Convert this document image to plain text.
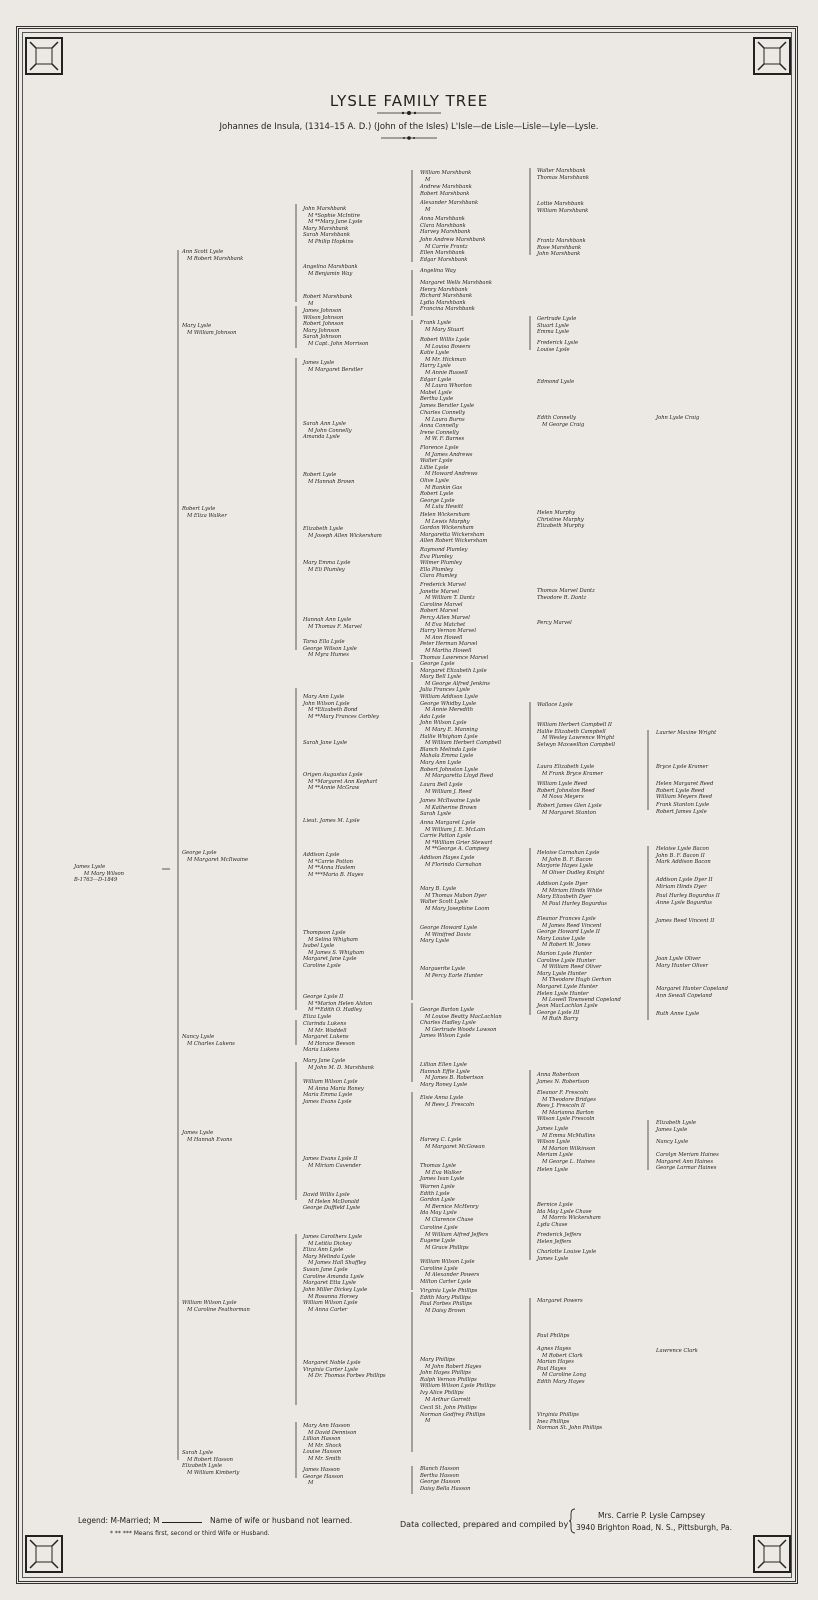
LYSLE FAMILY TREE
Johannes de Insula, (1314–15 A. D.) (John of the Isles) L'Isle—de Lisle—Lisle—Lyle—Lysle.
James Lysle
M Mary Wilson
B-1763—D-1849
Ann Scott Lysle
M Robert Marshbank
Mary Lysle
M William Johnson
Robert Lysle
M Eliza Walker
George Lysle
M Margaret McIlwaine
Nancy Lysle
M Charles Lukens
James Lysle
M Hannah Evans
William Wilson Lysle
M Caroline Feathorman
Sarah Lysle
M Robert Hasson
Elizabeth Lysle
M William Kimberly
John Marshbank
M *Sophie McIntire
M **Mary Jane Lysle
Mary Marshbank
Sarah Marshbank
M Philip Hopkins
Angelina Marshbank
M Benjamin Way
Robert Marshbank
M
James Johnson
Wilson Johnson
Robert Johnson
Mary Johnson
Sarah Johnson
M Capt. John Morrison
James Lysle
M Margaret Berstler
Sarah Ann Lysle
M John Connelly
Amanda Lysle
Robert Lysle
M Hannah Brown
Elizabeth Lysle
M Joseph Allen Wickersham
Mary Emma Lysle
M Eli Plumley
Hannah Ann Lysle
M Thomas F. Marvel
Tarsa Ella Lysle
George Wilson Lysle
M Myra Humes
Mary Ann Lysle
John Wilson Lysle
M *Elizabeth Bond
M **Mary Frances Corbley
Sarah Jane Lysle
Origen Augustus Lysle
M *Margaret Ann Kephart
M **Annie McGraw
Lieut. James M. Lysle
Addison Lysle
M *Carrie Potton
M **Anna Haslem
M ***Maria B. Hayes
Thompson Lysle
M Selina Whigham
Isabel Lysle
M James S. Whigham
Margaret Jane Lysle
Caroline Lysle
George Lysle II
M *Marion Helen Alston
M **Edith O. Hadley
Eliza Lysle
Clarinda Lukens
M Mr. Woddell
Margaret Lukens
M Horace Beeson
Maria Lukens
Mary Jane Lysle
M John M. D. Marshbank
William Wilson Lysle
M Anna Maria Roney
Maria Emma Lysle
James Evans Lysle
James Evans Lysle II
M Miriam Cavender
David Willis Lysle
M Helen McDonald
George Duffield Lysle
James Carothers Lysle
M Letitia Dickey
Eliza Ann Lysle
Mary Melinda Lysle
M James Hall Shaffley
Susan Jane Lysle
Caroline Amanda Lysle
Margaret Etta Lysle
John Miller Dickey Lysle
M Rosanna Horsey
William Wilson Lysle
M Anna Carter
Margaret Noble Lysle
Virginia Carter Lysle
M Dr. Thomas Forbes Phillips
Mary Ann Hasson
M David Dennison
Lillian Hasson
M Mr. Shock
Louise Hasson
M Mr. Smith
James Hasson
George Hasson
M
William Marshbank
M
Andrew Marshbank
Robert Marshbank
Alexander Marshbank
M
Anna Marshbank
Clara Marshbank
Harvey Marshbank
John Andrew Marshbank
M Carrie Frantz
Ellen Marshbank
Edgar Marshbank
Angelina Way
Margaret Wells Marshbank
Henry Marshbank
Richard Marshbank
Lydia Marshbank
Francina Marshbank
Frank Lysle
M Mary Stuart
Robert Willis Lysle
M Louisa Bowers
Katie Lysle
M Mr. Hickman
Harry Lysle
M Annie Russell
Edgar Lysle
M Laura Whorton
Mabel Lysle
Bertha Lysle
James Berstler Lysle
Charles Connelly
M Laura Burns
Anna Connelly
Irene Connelly
M W. F. Barnes
Florence Lysle
M James Andrews
Walter Lysle
Lillie Lysle
M Howard Andrews
Olive Lysle
M Rankin Gas
Robert Lysle
George Lysle
M Lulu Hewitt
Helen Wickersham
M Lewis Murphy
Gordon Wickersham
Margaretta Wickersham
Allen Robert Wickersham
Raymond Plumley
Eva Plumley
Wilmer Plumley
Ella Plumley
Clara Plumley
Frederick Marvel
Janette Marvel
M William T. Dantz
Caroline Marvel
Robert Marvel
Percy Allen Marvel
M Eva Matchet
Harry Vernon Marvel
M Ann Howell
Peter Herman Marvel
M Martha Howell
Thomas Lawrence Marvel
George Lysle
Margaret Elizabeth Lysle
Mary Bell Lysle
M George Alfred Jenkins
Julia Frances Lysle
William Addison Lysle
George Whidby Lysle
M Annie Meredith
Ada Lysle
John Wilson Lysle
M Mary E. Manning
Hallie Whigham Lysle
M William Herbert Campbell
Blanch Melinda Lysle
Mahala Emma Lysle
Mary Ann Lysle
Robert Johnston Lysle
M Margaretta Lloyd Reed
Laura Bell Lysle
M William J. Reed
James McIlwaine Lysle
M Katherine Brown
Sarah Lysle
Anna Margaret Lysle
M William J. E. McLain
Carrie Patton Lysle
M *William Grier Stewart
M **George A. Campsey
Addison Hayes Lysle
M Florinda Carnahan
Mary B. Lysle
M Thomas Mabon Dyer
Walter Scott Lysle
M Mary Josephine Loom
George Howard Lysle
M Winifred Davis
Mary Lysle
Marguerite Lysle
M Percy Earle Hunter
George Barton Lysle
M Louise Beatty MacLachlan
Charles Hadley Lysle
M Gertrude Woods Lawson
James Wilson Lysle
Lillian Ellen Lysle
Hannah Effie Lysle
M James B. Robertson
Mary Roney Lysle
Elsie Anna Lysle
M Rees J. Frescoln
Harvey C. Lysle
M Margaret McGowan
Thomas Lysle
M Eva Walker
James Ivan Lysle
Warren Lysle
Edith Lysle
Gordon Lysle
M Bernice McHenry
Ida May Lysle
M Clarence Chase
Caroline Lysle
M William Alfred Jeffers
Eugene Lysle
M Grace Phillips
William Wilson Lysle
Caroline Lysle
M Alexander Powers
Milton Carter Lysle
Virginia Lysle Phillips
Edith Mary Phillips
Paul Forbes Phillips
M Daisy Brown
Mary Phillips
M John Robert Hayes
John Hayes Phillips
Ralph Vernon Phillips
William Wilson Lysle Phillips
Ivy Alice Phillips
M Arthur Garrett
Cecil St. John Phillips
Norman Godfrey Phillips
M
Blanch Hasson
Bertha Hasson
George Hasson
Daisy Bella Hasson
Walter Marshbank
Thomas Marshbank
Lottie Marshbank
William Marshbank
Frantz Marshbank
Rose Marshbank
John Marshbank
Gertrude Lysle
Stuart Lysle
Emma Lysle
Frederick Lysle
Louise Lysle
Edmond Lysle
Edith Connelly
M George Craig
Helen Murphy
Christine Murphy
Elizabeth Murphy
Thomas Marvel Dantz
Theodore R. Dantz
Percy Marvel
Wallace Lysle
William Herbert Campbell II
Hallie Elizabeth Campbell
M Wesley Lawrence Wright
Selwyn Maxwellton Campbell
Laura Elizabeth Lysle
M Frank Bryce Kramer
William Lysle Reed
Robert Johnston Reed
M Nova Meyers
Robert James Glen Lysle
M Margaret Stanton
Heloise Carnahan Lysle
M John B. F. Bacon
Marjorie Hayes Lysle
M Oliver Dudley Knight
Addison Lysle Dyer
M Miriam Hinds White
Mary Elizabeth Dyer
M Paul Hurley Bogurdus
Eleanor Frances Lysle
M James Reed Vincent
George Howard Lysle II
Mary Louise Lysle
M Robert W. Jones
Marion Lysle Hunter
Caroline Lysle Hunter
M William Reed Oliver
Mary Lysle Hunter
M Theodore Hugh Gerhon
Margaret Lysle Hunter
Helen Lysle Hunter
M Lowell Townsend Copeland
Jean MacLachlan Lysle
George Lysle III
M Ruth Barry
Anna Robertson
James N. Robertson
Eleanor F. Frescoln
M Theodore Bridges
Rees J. Frescoln II
M Marianna Barton
Wilson Lysle Frescoln
James Lysle
M Emma McMullins
Wilson Lysle
M Marion Wilkinson
Meriam Lysle
M George L. Haines
Helen Lysle
Bernice Lysle
Ida May Lysle Chase
M Morris Wickersham
Lyda Chase
Frederick Jeffers
Helen Jeffers
Charlotte Louise Lysle
James Lysle
Margaret Powers
Paul Phillips
Agnes Hayes
M Robert Clark
Marian Hayes
Paul Hayes
M Caroline Long
Edith Mary Hayes
Virginia Phillips
Inez Phillips
Norman St. John Phillips
John Lysle Craig
Laurier Maxine Wright
Bryce Lysle Kramer
Helen Margaret Reed
Robert Lysle Reed
William Meyers Reed
Frank Stanton Lysle
Robert James Lysle
Heloise Lysle Bacon
John B. F. Bacon II
Mark Addison Bacon
Addison Lysle Dyer II
Miriam Hinds Dyer
Paul Hurley Bogurdus II
Anne Lysle Bogurdus
James Reed Vincent II
Joan Lysle Oliver
Mary Hunter Oliver
Margaret Hunter Copeland
Ann Sewall Copeland
Ruth Anne Lysle
Elizabeth Lysle
James Lysle
Nancy Lysle
Carolyn Meriam Haines
Margaret Ann Haines
George Larmar Haines
Lawrence Clark
Legend: M-Married; M	Name of wife or husband not learned.
* ** *** Means first, second or third Wife or Husband.
Data collected, prepared and compiled by
Mrs. Carrie P. Lysle Campsey
3940 Brighton Road, N. S., Pittsburgh, Pa.
